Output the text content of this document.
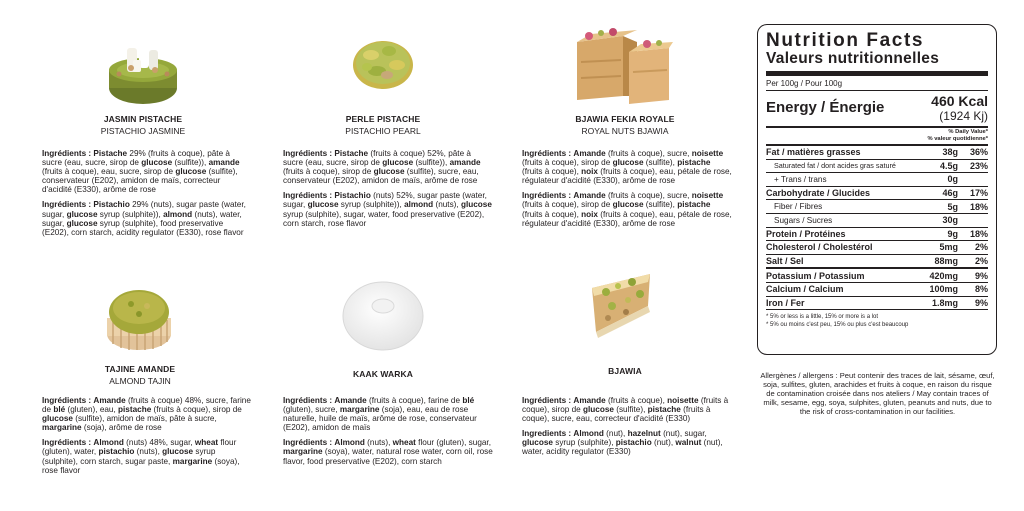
JASMIN PISTACHE
PISTACHIO JASMINE
PERLE PISTACHE
PISTACHIO PEARL
BJAWIA FEKIA ROYALE
ROYAL NUTS BJAWIA
TAJINE AMANDE
ALMOND TAJIN
KAAK WARKA	BJAWIA

Ingrédients : Pistache 29% (fruits à coque), pâte à sucre (eau, sucre, sirop de glucose (sulfite)), amande (fruits à coque), eau, sucre, sirop de glucose (sulfite), conservateur (E202), amidon de maïs, correcteur d'acidité (E330), arôme de rose

Ingrédients : Pistachio 29% (nuts), sugar paste (water, sugar, glucose syrup (sulphite)), almond (nuts), water, sugar, glucose syrup (sulphite), food preservative (E202), corn starch, acidity regulator (E330), rose flavor

Ingrédients : Pistache (fruits à coque) 52%, pâte à sucre (eau, sucre, sirop de glucose (sulfite)), amande (fruits à coque), sirop de glucose (sulfite), sucre, eau, conservateur (E202), amidon de maïs, arôme de rose

Ingrédients : Pistachio (nuts) 52%, sugar paste (water, sugar, glucose syrup (sulphite)), almond (nuts), glucose syrup (sulphite), sugar, water, food preservative (E202), corn starch, rose flavor

Ingrédients : Amande (fruits à coque), sucre, noisette (fruits à coque), sirop de glucose (sulfite), pistache (fruits à coque), noix (fruits à coque), eau, pétale de rose, régulateur d'acidité (E330), arôme de rose

Ingrédients : Amande (fruits à coque), sucre, noisette (fruits à coque), sirop de glucose (sulfite), pistache (fruits à coque), noix (fruits à coque), eau, pétale de rose, régulateur d'acidité (E330), arôme de rose

Ingrédients : Amande (fruits à coque) 48%, sucre, farine de blé (gluten), eau, pistache (fruits à coque), sirop de glucose (sulfite), amidon de maïs, pâte à sucre, margarine (soja), arôme de rose

Ingrédients : Almond (nuts) 48%, sugar, wheat flour (gluten), water, pistachio (nuts), glucose syrup (sulphite), corn starch, sugar paste, margarine (soya), rose flavor

Ingrédients : Amande (fruits à coque), farine de blé (gluten), sucre, margarine (soja), eau, eau de rose naturelle, huile de maïs, arôme de rose, conservateur (E202), amidon de maïs

Ingrédients : Almond (nuts), wheat flour (gluten), sugar, margarine (soya), water, natural rose water, corn oil, rose flavor, food preservative (E202), corn starch

Ingrédients : Amande (fruits à coque), noisette (fruits à coque), sirop de glucose (sulfite), pistache (fruits à coque), sucre, eau, correcteur d'acidité (E330)

Ingredients : Almond (nut), hazelnut (nut), sugar, glucose syrup (sulphite), pistachio (nut), walnut (nut), water, acidity regulator (E330)

Nutrition Facts
Valeurs nutritionnelles
Per 100g / Pour 100g
Energy / Énergie	460 Kcal
(1924 Kj)
% Daily Value*
% valeur quotidienne*
Fat / matières grasses	38g	36%
Saturated fat / dont acides gras saturé	4.5g	23%
+ Trans / trans	0g
Carbohydrate / Glucides	46g	17%
Fiber / Fibres	5g	18%
Sugars / Sucres	30g
Protein / Protéines	9g	18%
Cholesterol / Cholestérol	5mg	2%
Salt / Sel	88mg	2%
Potassium / Potassium	420mg	9%
Calcium / Calcium	100mg	8%
Iron / Fer	1.8mg	9%
* 5% or less is a little, 15% or more is a lot
* 5% ou moins c'est peu, 15% ou plus c'est beaucoup
Allergènes / allergens : Peut contenir des traces de lait, sésame, œuf, soja, sulfites, gluten, arachides et fruits à coque, en raison du risque de contamination croisée dans nos ateliers / May contain traces of milk, sesame, egg, soya, sulphites, gluten, peanuts and nuts, due to the risk of cross-contamination in our facilities.
